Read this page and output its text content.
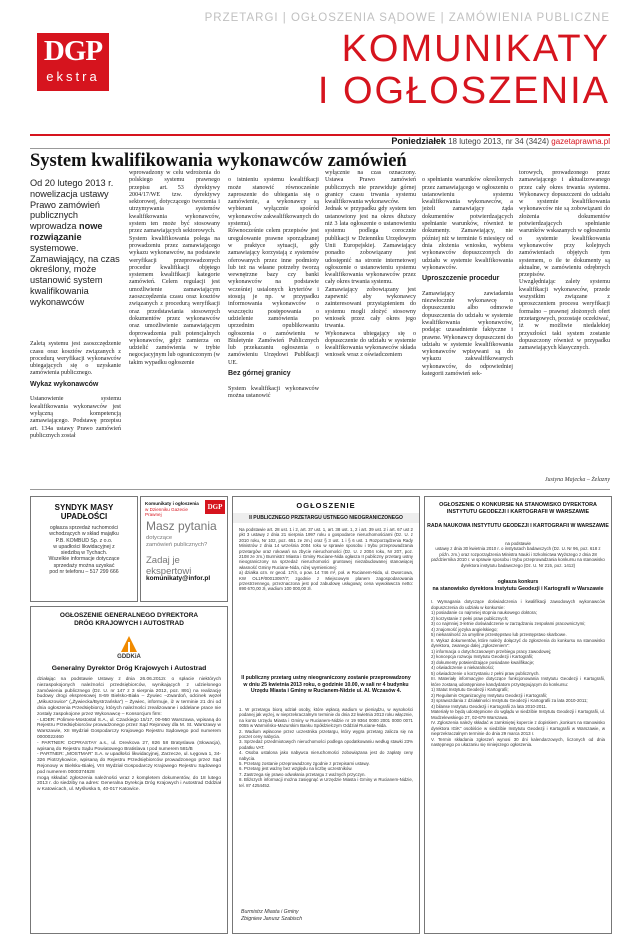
DGP
ekstra
PRZETARGI | OGŁOSZENIA SĄDOWE | ZAMÓWIENIA PUBLICZNE
KOMUNIKATY
I OGŁOSZENIA
Poniedziałek 18 lutego 2013, nr 34 (3424) gazetaprawna.pl
System kwalifikowania wykonawców zamówień
Od 20 lutego 2013 r. nowelizacja ustawy Prawo zamówień publicznych wprowadza nowe rozwiązanie systemowe. Zamawiający, na czas określony, może ustanowić system kwalifikowania wykonawców

Zaletą systemu jest zaoszczędzenie czasu oraz kosztów związanych z procedurą weryfikacji wykonawców ubiegających się o uzyskanie zamówienia publicznego.

Wykaz wykonawców

Ustanowienie systemu kwalifikowania wykonawców jest wyłączną kompetencją zamawiającego. Podstawę przepisu art. 134a ustawy Prawo zamówień publicznych został

wprowadzony w celu wdrożenia do polskiego systemu prawnego przepisu art. 53 dyrektywy 2004/17/WE tzw. dyrektywy sektorowej, dotyczącego tworzenia i utrzymywania systemów kwalifikowania wykonawców, system ten może być stosowany przez zamawiających sektorowych.
System kwalifikowania polega na prowadzeniu przez zamawiającego wykazu wykonawców, na podstawie weryfikacji przeprowadzonych procedur kwalifikacji objętego systemem kwalifikacji kategorie zamówień. Celem regulacji jest umożliwienie zamawiającym zaoszczędzenia czasu oraz kosztów związanych z procedurą weryfikacji oraz przedstawiania stosownych dokumentów przez wykonawców oraz umożliwienie zamawiającym doprowadzenia puli potencjalnych wykonawców, gdyż zamierza on udzielić zamówienia w trybie negocjacyjnym lub ograniczonym (w takim wypadku ogłoszenie

o istnieniu systemu kwalifikacji może stanowić równocześnie zaproszenie do ubiegania się o zamówienie, a wykonawcy są wybierani wyłącznie spośród wykonawców zakwalifikowanych do systemu).
Równocześnie celem przepisów jest uregulowanie prawne sporządzanej w praktyce sytuacji, gdy zamawiający korzystają z systemów oferowanych przez inne podmioty lub też na własne potrzeby tworzą wewnętrzne bazy czy banki wykonawców na podstawie wcześniej ustalonych kryteriów i stosują je np. w przypadku informowania wykonawców o wszczęciu postępowania o udzielenie zamówienia po uprzednim opublikowaniu ogłoszenia o zamówieniu w Biuletynie Zamówień Publicznych lub przekazaniu ogłoszenia o zamówieniu Urzędowi Publikacji UE.

Bez górnej granicy

System kwalifikacji wykonawców można ustanowić

wyłącznie na czas oznaczony. Ustawa Prawo zamówień publicznych nie przewiduje górnej granicy czasu trwania systemu kwalifikowania wykonawców.
Jednak w przypadku gdy system ten ustanowiony jest na okres dłuższy niż 3 lata ogłoszenie o ustanowieniu systemu podlega corocznie publikacji w Dzienniku Urzędowym Unii Europejskiej. Zamawiający ponadto zobowiązany jest udostępnić na stronie internetowej ogłoszenie o ustanowieniu systemu kwalifikowania wykonawców przez cały okres trwania systemu.
Zamawiający zobowiązany jest zapewnić aby wykonawcy zainteresowani przystąpieniem do systemu mogli złożyć stosowny wniosek przez cały okres jego trwania.
Wykonawca ubiegający się o dopuszczenie do udziału w systemie kwalifikowania wykonawców składa wniosek wraz z oświadczeniem

o spełnianiu warunków określonych przez zamawiającego w ogłoszeniu o ustanowieniu systemu kwalifikowania wykonawców, a jeżeli zamawiający żąda dokumentów potwierdzających spełnianie warunków, również te dokumenty. Zamawiający, nie później niż w terminie 6 miesięcy od dnia złożenia wniosku, wybiera wykonawców dopuszczonych do udziału w systemie kwalifikowania wykonawców.

Uproszczenie procedur

Zamawiający zawiadamia niezwłocznie wykonawcę o dopuszczeniu albo odmowie dopuszczenia do udziału w systemie kwalifikowania wykonawców, podając uzasadnienie faktyczne i prawne. Wykonawcy dopuszczeni do udziału w systemie kwalifikowania wykonawców wpisywani są do wykazu zakwalifikowanych wykonawców, do odpowiedniej kategorii zamówień sek-

torowych, prowadzonego przez zamawiającego i aktualizowanego przez cały okres trwania systemu. Wykonawcy dopuszczeni do udziału w systemie kwalifikowania wykonawców nie są zobowiązani do złożenia dokumentów potwierdzających spełnianie warunków wskazanych w ogłoszeniu o systemie kwalifikowania wykonawców przy kolejnych zamówieniach objętych tym systemem, o ile te dokumenty są aktualne, w zamówieniu odrębnych przepisów.
Uwzględniając zalety systemu kwalifikacji wykonawców, przede wszystkim związane z uproszczeniem procesu weryfikacji formalno – prawnej złożonych ofert przetargowych, pozostaje oczekiwać, iż w możliwie niedalekiej przyszłości taki system zostanie dopuszczony również w przypadku zamawiających klasycznych.
Justyna Majecka – Żelazny
SYNDYK MASY UPADŁOŚCI
ogłasza sprzedaż ruchomości
wchodzących w skład majątku
P.B. KOMBUD Sp. z o.o.
w upadłości likwidacyjnej z
siedzibą w Tychach.
Wszelkie informacje dotyczące
sprzedaży można uzyskać
pod nr telefonu – 517 299 666
Komunikaty i ogłoszenia
w Dzienniku Gazecie Prawnej
DGP
Masz pytania
dotyczące
zamówień publicznych?
Zadaj je ekspertowi
komunikaty@infor.pl
OGŁOSZENIE GENERALNEGO DYREKTORA
DRÓG KRAJOWYCH I AUTOSTRAD
GDDKiA
Generalny Dyrektor Dróg Krajowych i Autostrad
działając na podstawie Ustawy z dnia 26.06.2012r. o spłacie niektórych niezaspokojonych należności przedsiębiorców, wynikających z udzielonego zamówienia publicznego (Dz. U. nr 147 z 3 sierpnia 2012, poz. 891) na realizację budowy drogi ekspresowej S-69 Bielsko-Biała – Żywiec –Zwardoń, odcinek węzeł „Mikuszowice” („Żywiecka/Bystrzańska”) – Żywiec, informuje, iż w terminie 21 dni od dnia ogłoszenia Przedsiębiorcy, których należności zrealizowane i oddelane prace nie zostały zaspokojone przez Wykonawcę – Konsorcjum firm:
- LIDER: Polimex-Mostostal S.A., ul. Czackiego 15/17, 00-950 Warszawa, wpisaną do Rejestru Przedsiębiorców prowadzonego przez Sąd Rejonowy dla M. St. Warszawy w Warszawie, XII Wydział Gospodarczy Krajowego Rejestru Sądowego pod numerem 0000022460
- PARTNER: DCPRASTAY a.s., ul. Drevkova 27, 826 58 Bratyslawa (Słowacja), wpisaną do Rejestru Sądu Powiatowego Bratislava I pod numerem 581/B
- PARTNER: „MOSTMAR” S.A. w upadłości likwidacyjnej, Zarzecze, ul. Łęgowa 1, 34-326 Piotrzykowice, wpisaną do Rejestru Przedsiębiorców prowadzonego przez Sąd Rejonowy w Bielsku-Białej, VIII Wydział Gospodarczy Krajowego Rejestru Sądowego pod numerem 0000374628
mogą składać zgłoszenia należności wraz z kompletem dokumentów, do 18 lutego 2013 r. do siedziby na adres: Generalna Dyrekcja Dróg Krajowych i Autostrad Oddział w Katowicach, ul. Myślwska 5, 40-017 Katowice.
OGŁOSZENIE
II PUBLICZNEGO PRZETARGU USTNEGO NIEOGRANICZONEGO
Na podstawie art. 28 ust. 1 i 2, art. 37 ust. 1, art. 38 ust. 1, 2 i art. 39 ust. 2 i art. 67 ust 2 pkt 3 ustawy z dnia 21 sierpnia 1997 roku o gospodarce nieruchomościami (Dz. U. z 2010 roku, Nr 102, poz. 651 ze zm.) oraz § 3 ust. 1 i § 6 ust. 1 Rozporządzenia Rady Ministrów z dnia 14 września 2004 roku w sprawie sposobu i trybu przeprowadzania przetargów oraz rokowań na zbycie nieruchomości (Dz. U. z 2004 roku, Nr 207, poz. 2108 ze zm.) Burmistrz Miasta i Gminy Ruciane-Nida ogłasza II publiczny przetarg ustny nieograniczony na sprzedaż nieruchomości gruntowej niezabudowanej stanowiącej własność Gminy Ruciane-Nida, niżej wymienionej:
a) działka ozn. nr geod. 17/4, o pow. 14 746 m², poł. w Rucianem-Nida, ul. Dworcowa, KW OL1P/00013097/7; zgodnie z Miejscowym planem zagospodarowania przestrzennego, przeznaczona jest pod zabudowę usługową; cena wywoławcza netto: 890 670,00 zł, wadium 100 000,00 zł.
II publiczny przetarg ustny nieograniczony zostanie przeprowadzony w dniu 25 kwietnia 2013 roku, o godzinie 10.00, w sali nr 4 budynku Urzędu Miasta i Gminy w Rucianem-Nidzie ul. Al. Wczasów 4.
1. W przetargu biorą udział osoby, które wpłacą wadium w pieniądzu, w wysokości podanej jak wyżej, w nieprzekraczalnym terminie do dnia 22 kwietnia 2013 roku włącznie, na konto Urzędu Miasta i Gminy w Rucianem-Nidzie nr 19 9364 0000 2001 0000 0071 0055 w Warmińsko-Mazurskim Banku Spółdzielczym Oddział Ruciane-Nida.
2. Wadium wpłacone przez uczestnika przetargu, który wygra przetarg zalicza się na poczet ceny nabycia.
3. Sprzedaż przedmiotowych nieruchomości podlega opodatkowaniu według stawki 23% podatku VAT.
4. Osoba ustalona jako nabywca nieruchomości zobowiązana jest do zapłaty ceny nabycia.
5. Przetarg zostanie przeprowadzony zgodnie z przepisami ustawy.
6. Przetarg jest ważny bez względu na liczbę uczestników.
7. Zastrzega się prawo odwołania przetargu z ważnych przyczyn.
8. Bliższych informacji można zasięgnąć w Urzędzie Miasta i Gminy w Rucianem-Nidzie, tel. 87 4254452.
Burmistrz Miasta i Gminy
Zbigniew Janusz Szabisch
OGŁOSZENIE O KONKURSIE NA STANOWISKO DYREKTORA INSTYTUTU GEODEZJI I KARTOGRAFII W WARSZAWIE
RADA NAUKOWA INSTYTUTU GEODEZJI I KARTOGRAFII W WARSZAWIE
na podstawie
ustawy z dnia 30 kwietnia 2010 r. o instytutach badawczych (Dz. U. Nr 96, poz. 618 z późn. zm.) oraz rozporządzenia Ministra Nauki i Szkolnictwa Wyższego z dnia 28 października 2010 r. w sprawie sposobu i trybu przeprowadzania konkursu na stanowisko dyrektora instytutu badawczego (Dz. U. Nr 215, poz. 1412)
ogłasza konkurs
na stanowisko dyrektora Instytutu Geodezji i Kartografii w Warszawie
I. Wymagania dotyczące doświadczenia i kwalifikacji zawodowych wykonawców dopuszczenia do udziału w konkursie:
1) posiadanie co najmniej stopnia naukowego doktora;
2) korzystanie z pełni praw publicznych;
3) co najmniej 3-letnie doświadczenie w zarządzaniu zespołami pracowniczymi;
4) znajomość języka angielskiego;
5) niekaralność za umyślne przestępstwo lub przestępstwo skarbowe.
II. Wykaz dokumentów, które należy dołączyć do zgłoszenia do konkursu na stanowisko dyrektora, zwanego dalej „zgłoszeniem”:
1) informacja o dotychczasowym przebiegu pracy zawodowej;
2) koncepcja rozwoju Instytutu Geodezji i Kartografii;
3) dokumenty potwierdzające posiadane kwalifikacje;
4) oświadczenie o niekaralności;
5) oświadczenie o korzystaniu z pełni praw publicznych.
III. Materiały informacyjne dotyczące funkcjonowania Instytutu Geodezji i Kartografii, które zostaną udostępnione kandydatom przystępującym do konkursu:
1) Statut Instytutu Geodezji i Kartografii;
2) Regulamin Organizacyjny Instytutu Geodezji i Kartografii;
3) sprawozdania z działalności Instytutu Geodezji i Kartografii za lata 2010-2011;
4) bilanse Instytutu Geodezji i Kartografii za lata 2010-2011.
Materiały te będą udostępnione do wglądu w siedzibie Instytutu Geodezji i Kartografii, ul. Modzelewskiego 27, 02-679 Warszawa.
IV. Zgłoszenia należy składać w zamkniętej kopercie z dopiskiem „konkurs na stanowisko dyrektora IGiK” osobiście w siedzibie Instytutu Geodezji i Kartografii w Warszawie, w nieprzekraczalnym terminie do dnia 29 marca 2013 r.
V. Termin składania zgłoszeń wynosi 30 dni kalendarzowych, liczonych od dnia następnego po ukazaniu się niniejszego ogłoszenia.
